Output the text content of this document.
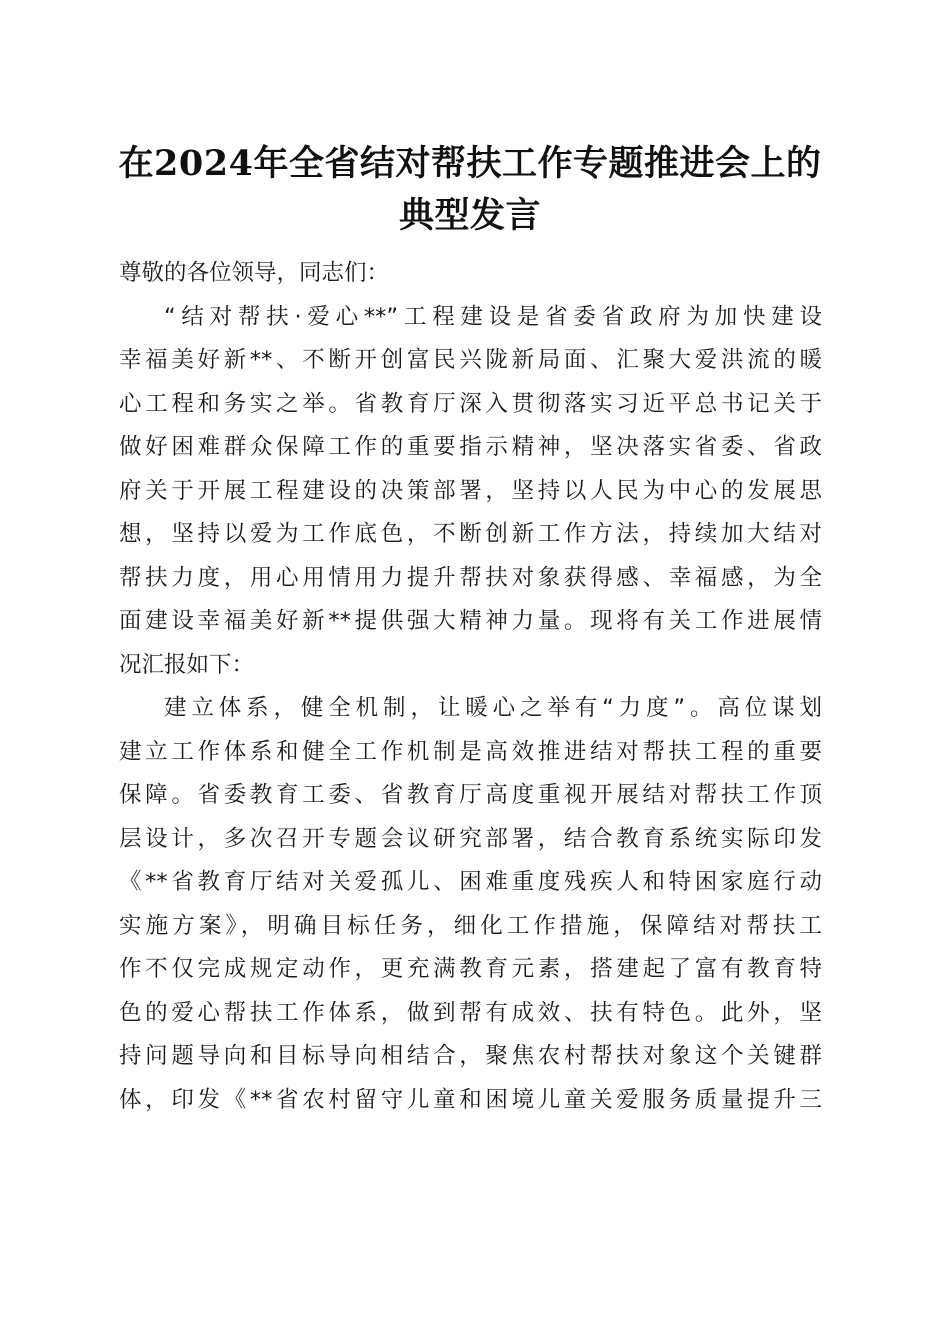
在2024年全省结对帮扶工作专题推进会上的
典型发言
尊敬的各位领导，同志们：
“结对帮扶·爱心**”工程建设是省委省政府为加快建设
幸福美好新**、不断开创富民兴陇新局面、汇聚大爱洪流的暖
心工程和务实之举。省教育厅深入贯彻落实习近平总书记关于
做好困难群众保障工作的重要指示精神，坚决落实省委、省政
府关于开展工程建设的决策部署，坚持以人民为中心的发展思
想，坚持以爱为工作底色，不断创新工作方法，持续加大结对
帮扶力度，用心用情用力提升帮扶对象获得感、幸福感，为全
面建设幸福美好新**提供强大精神力量。现将有关工作进展情
况汇报如下：
建立体系，健全机制，让暖心之举有“力度”。高位谋划
建立工作体系和健全工作机制是高效推进结对帮扶工程的重要
保障。省委教育工委、省教育厅高度重视开展结对帮扶工作顶
层设计，多次召开专题会议研究部署，结合教育系统实际印发
《**省教育厅结对关爱孤儿、困难重度残疾人和特困家庭行动
实施方案》，明确目标任务，细化工作措施，保障结对帮扶工
作不仅完成规定动作，更充满教育元素，搭建起了富有教育特
色的爱心帮扶工作体系，做到帮有成效、扶有特色。此外，坚
持问题导向和目标导向相结合，聚焦农村帮扶对象这个关键群
体，印发《**省农村留守儿童和困境儿童关爱服务质量提升三
